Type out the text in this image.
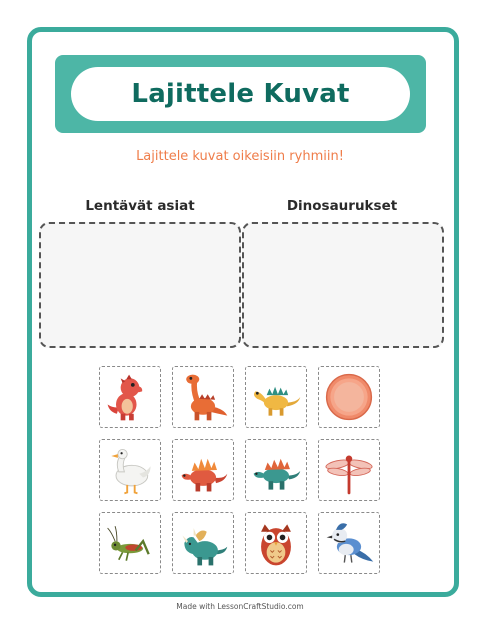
Lajittele Kuvat
Lajittele kuvat oikeisiin ryhmiin!
Lentävät asiat	Dinosaurukset
Made with LessonCraftStudio.com
